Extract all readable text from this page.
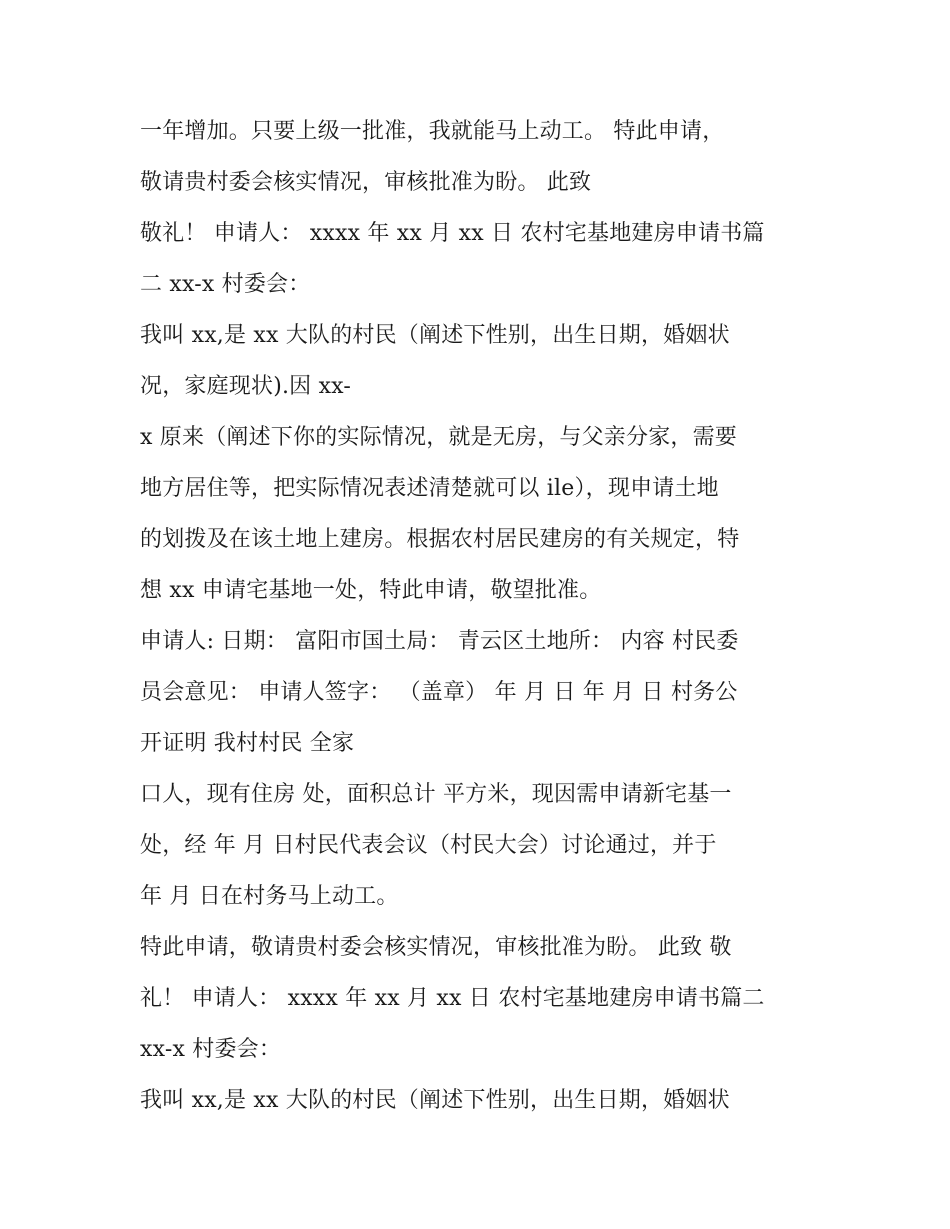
一年增加。只要上级一批准，我就能马上动工。 特此申请，
敬请贵村委会核实情况，审核批准为盼。 此致
敬礼！ 申请人： xxxx 年 xx 月 xx 日 农村宅基地建房申请书篇
二 xx-x 村委会：
我叫 xx,是 xx 大队的村民（阐述下性别，出生日期，婚姻状
况，家庭现状).因 xx-
x 原来（阐述下你的实际情况，就是无房，与父亲分家，需要
地方居住等，把实际情况表述清楚就可以 ile），现申请土地
的划拨及在该土地上建房。根据农村居民建房的有关规定，特
想 xx 申请宅基地一处，特此申请，敬望批准。
申请人: 日期： 富阳市国土局： 青云区土地所： 内容 村民委
员会意见： 申请人签字： （盖章） 年 月 日 年 月 日 村务公
开证明 我村村民 全家
口人，现有住房 处，面积总计 平方米，现因需申请新宅基一
处，经 年 月 日村民代表会议（村民大会）讨论通过，并于
年 月 日在村务马上动工。
特此申请，敬请贵村委会核实情况，审核批准为盼。 此致 敬
礼！ 申请人： xxxx 年 xx 月 xx 日 农村宅基地建房申请书篇二
xx-x 村委会：
我叫 xx,是 xx 大队的村民（阐述下性别，出生日期，婚姻状
